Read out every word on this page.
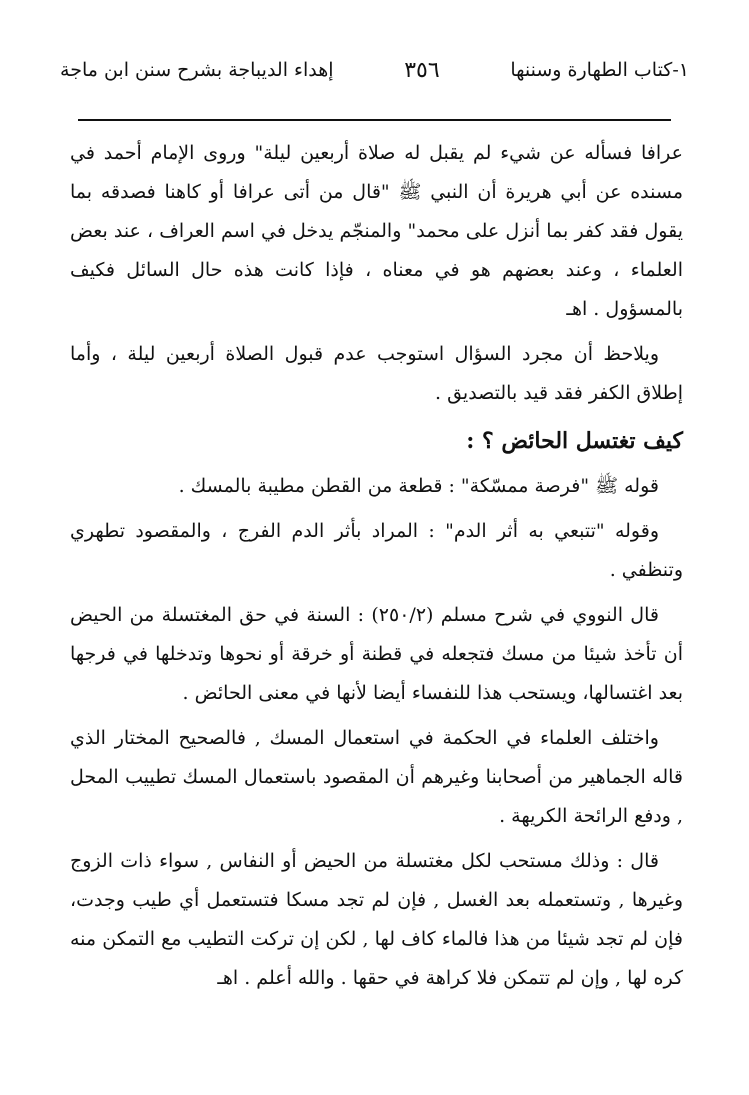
إهداء الديباجة بشرح سنن ابن ماجة	٣٥٦	١-كتاب الطهارة وسننها

عرافا فسأله عن شيء لم يقبل له صلاة أربعين ليلة" وروى الإمام أحمد في مسنده عن أبي هريرة أن النبي ﷺ "قال من أتى عرافا أو كاهنا فصدقه بما يقول فقد كفر بما أنزل على محمد" والمنجّم يدخل في اسم العراف ، عند بعض العلماء ، وعند بعضهم هو في معناه ، فإذا كانت هذه حال السائل فكيف بالمسؤول . اهـ

ويلاحظ أن مجرد السؤال استوجب عدم قبول الصلاة أربعين ليلة ، وأما إطلاق الكفر فقد قيد بالتصديق .

كيف تغتسل الحائض ؟ :

قوله ﷺ "فرصة ممسّكة" : قطعة من القطن مطيبة بالمسك .

وقوله "تتبعي به أثر الدم" : المراد بأثر الدم الفرج ، والمقصود تطهري وتنظفي .

قال النووي في شرح مسلم (٢٥٠/٢) : السنة في حق المغتسلة من الحيض أن تأخذ شيئا من مسك فتجعله في قطنة أو خرقة أو نحوها وتدخلها في فرجها بعد اغتسالها، ويستحب هذا للنفساء أيضا لأنها في معنى الحائض .

واختلف العلماء في الحكمة في استعمال المسك , فالصحيح المختار الذي قاله الجماهير من أصحابنا وغيرهم أن المقصود باستعمال المسك تطييب المحل , ودفع الرائحة الكريهة .

قال : وذلك مستحب لكل مغتسلة من الحيض أو النفاس , سواء ذات الزوج وغيرها , وتستعمله بعد الغسل , فإن لم تجد مسكا فتستعمل أي طيب وجدت، فإن لم تجد شيئا من هذا فالماء كاف لها , لكن إن تركت التطيب مع التمكن منه كره لها , وإن لم تتمكن فلا كراهة في حقها . والله أعلم . اهـ
